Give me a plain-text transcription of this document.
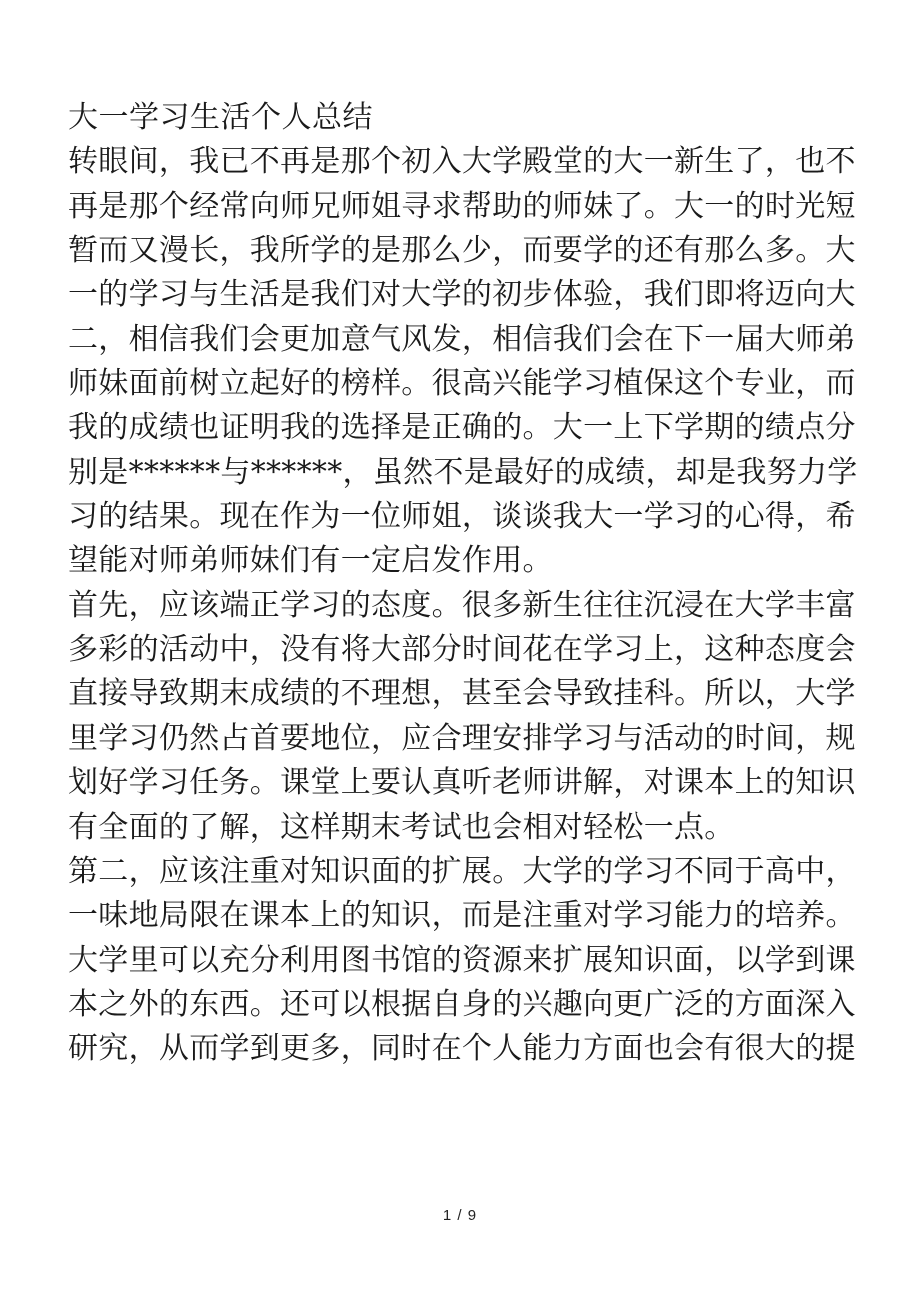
大一学习生活个人总结
转眼间，我已不再是那个初入大学殿堂的大一新生了，也不
再是那个经常向师兄师姐寻求帮助的师妹了。大一的时光短
暂而又漫长，我所学的是那么少，而要学的还有那么多。大
一的学习与生活是我们对大学的初步体验，我们即将迈向大
二，相信我们会更加意气风发，相信我们会在下一届大师弟
师妹面前树立起好的榜样。很高兴能学习植保这个专业，而
我的成绩也证明我的选择是正确的。大一上下学期的绩点分
别是******与******，虽然不是最好的成绩，却是我努力学
习的结果。现在作为一位师姐，谈谈我大一学习的心得，希
望能对师弟师妹们有一定启发作用。
首先，应该端正学习的态度。很多新生往往沉浸在大学丰富
多彩的活动中，没有将大部分时间花在学习上，这种态度会
直接导致期末成绩的不理想，甚至会导致挂科。所以，大学
里学习仍然占首要地位，应合理安排学习与活动的时间，规
划好学习任务。课堂上要认真听老师讲解，对课本上的知识
有全面的了解，这样期末考试也会相对轻松一点。
第二，应该注重对知识面的扩展。大学的学习不同于高中，
一味地局限在课本上的知识，而是注重对学习能力的培养。
大学里可以充分利用图书馆的资源来扩展知识面，以学到课
本之外的东西。还可以根据自身的兴趣向更广泛的方面深入
研究，从而学到更多，同时在个人能力方面也会有很大的提
1 / 9
